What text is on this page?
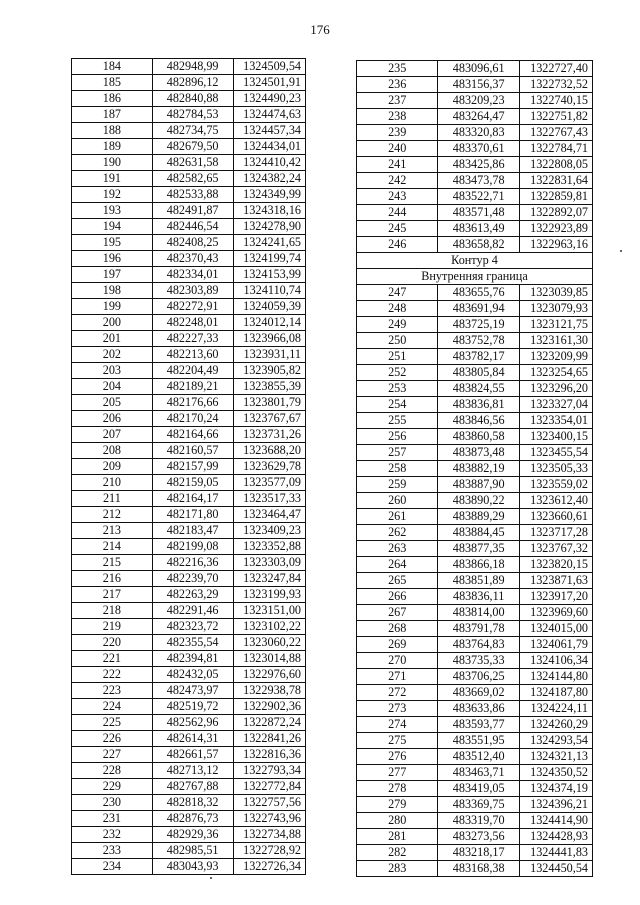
176
184	482948,99	1324509,54
185	482896,12	1324501,91
186	482840,88	1324490,23
187	482784,53	1324474,63
188	482734,75	1324457,34
189	482679,50	1324434,01
190	482631,58	1324410,42
191	482582,65	1324382,24
192	482533,88	1324349,99
193	482491,87	1324318,16
194	482446,54	1324278,90
195	482408,25	1324241,65
196	482370,43	1324199,74
197	482334,01	1324153,99
198	482303,89	1324110,74
199	482272,91	1324059,39
200	482248,01	1324012,14
201	482227,33	1323966,08
202	482213,60	1323931,11
203	482204,49	1323905,82
204	482189,21	1323855,39
205	482176,66	1323801,79
206	482170,24	1323767,67
207	482164,66	1323731,26
208	482160,57	1323688,20
209	482157,99	1323629,78
210	482159,05	1323577,09
211	482164,17	1323517,33
212	482171,80	1323464,47
213	482183,47	1323409,23
214	482199,08	1323352,88
215	482216,36	1323303,09
216	482239,70	1323247,84
217	482263,29	1323199,93
218	482291,46	1323151,00
219	482323,72	1323102,22
220	482355,54	1323060,22
221	482394,81	1323014,88
222	482432,05	1322976,60
223	482473,97	1322938,78
224	482519,72	1322902,36
225	482562,96	1322872,24
226	482614,31	1322841,26
227	482661,57	1322816,36
228	482713,12	1322793,34
229	482767,88	1322772,84
230	482818,32	1322757,56
231	482876,73	1322743,96
232	482929,36	1322734,88
233	482985,51	1322728,92
234	483043,93	1322726,34
235	483096,61	1322727,40
236	483156,37	1322732,52
237	483209,23	1322740,15
238	483264,47	1322751,82
239	483320,83	1322767,43
240	483370,61	1322784,71
241	483425,86	1322808,05
242	483473,78	1322831,64
243	483522,71	1322859,81
244	483571,48	1322892,07
245	483613,49	1322923,89
246	483658,82	1322963,16
Контур 4		
Внутренняя граница		
247	483655,76	1323039,85
248	483691,94	1323079,93
249	483725,19	1323121,75
250	483752,78	1323161,30
251	483782,17	1323209,99
252	483805,84	1323254,65
253	483824,55	1323296,20
254	483836,81	1323327,04
255	483846,56	1323354,01
256	483860,58	1323400,15
257	483873,48	1323455,54
258	483882,19	1323505,33
259	483887,90	1323559,02
260	483890,22	1323612,40
261	483889,29	1323660,61
262	483884,45	1323717,28
263	483877,35	1323767,32
264	483866,18	1323820,15
265	483851,89	1323871,63
266	483836,11	1323917,20
267	483814,00	1323969,60
268	483791,78	1324015,00
269	483764,83	1324061,79
270	483735,33	1324106,34
271	483706,25	1324144,80
272	483669,02	1324187,80
273	483633,86	1324224,11
274	483593,77	1324260,29
275	483551,95	1324293,54
276	483512,40	1324321,13
277	483463,71	1324350,52
278	483419,05	1324374,19
279	483369,75	1324396,21
280	483319,70	1324414,90
281	483273,56	1324428,93
282	483218,17	1324441,83
283	483168,38	1324450,54
